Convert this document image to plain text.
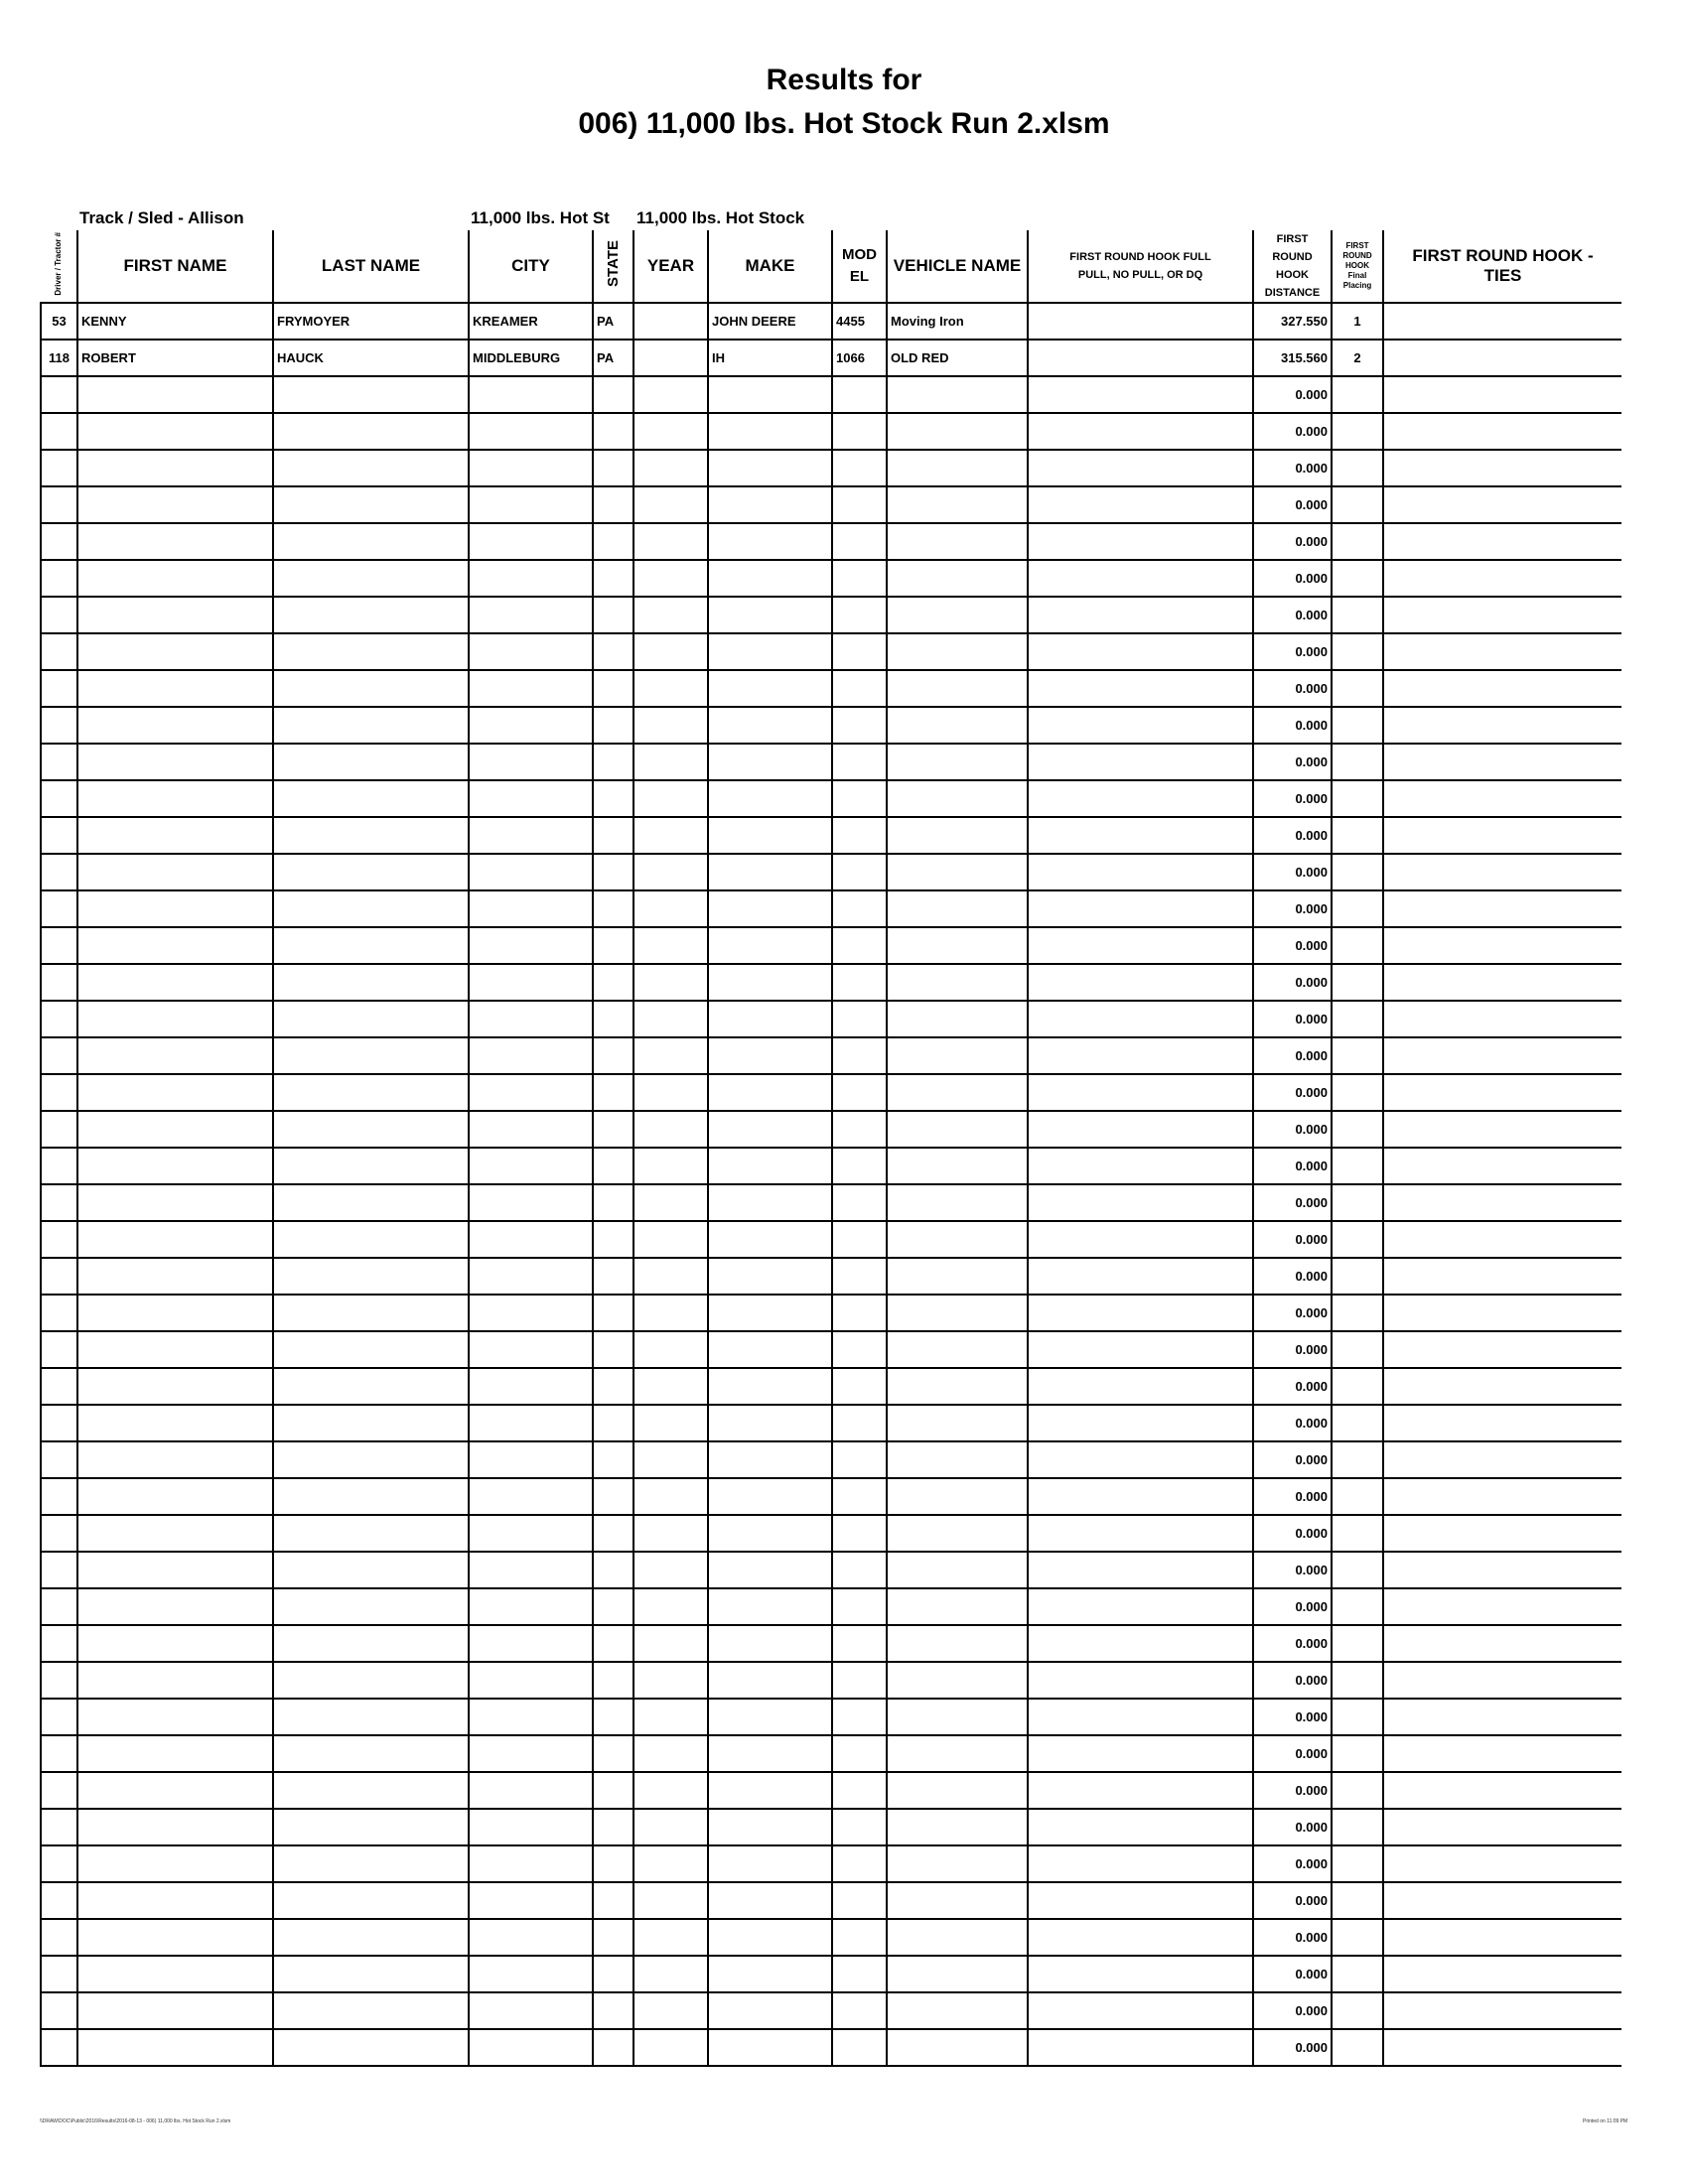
Results for
006) 11,000 lbs. Hot Stock Run 2.xlsm
Track / Sled - Allison	11,000 lbs. Hot St 11,000 lbs. Hot Stock
Driver / Tractor #	FIRST NAME	LAST NAME	CITY	STATE	YEAR	MAKE	MOD EL	VEHICLE NAME	FIRST ROUND HOOK FULL PULL, NO PULL, OR DQ	FIRST ROUND HOOK DISTANCE	FIRST ROUND HOOK Final Placing	FIRST ROUND HOOK - TIES
53	KENNY	FRYMOYER	KREAMER	PA		JOHN DEERE	4455	Moving Iron		327.550	1	
118	ROBERT	HAUCK	MIDDLEBURG	PA		IH	1066	OLD RED		315.560	2	
										0.000		
										0.000		
										0.000		
										0.000		
										0.000		
										0.000		
										0.000		
										0.000		
										0.000		
										0.000		
										0.000		
										0.000		
										0.000		
										0.000		
										0.000		
										0.000		
										0.000		
										0.000		
										0.000		
										0.000		
										0.000		
										0.000		
										0.000		
										0.000		
										0.000		
										0.000		
										0.000		
										0.000		
										0.000		
										0.000		
										0.000		
										0.000		
										0.000		
										0.000		
										0.000		
										0.000		
										0.000		
										0.000		
										0.000		
										0.000		
										0.000		
										0.000		
										0.000		
										0.000		
										0.000		
										0.000		
\\DRAW\DOC\Public\2016\Results\2016-08-13 - 006) 11,000 lbs. Hot Stock Run 2.xlsm	Printed on 11:09 PM
